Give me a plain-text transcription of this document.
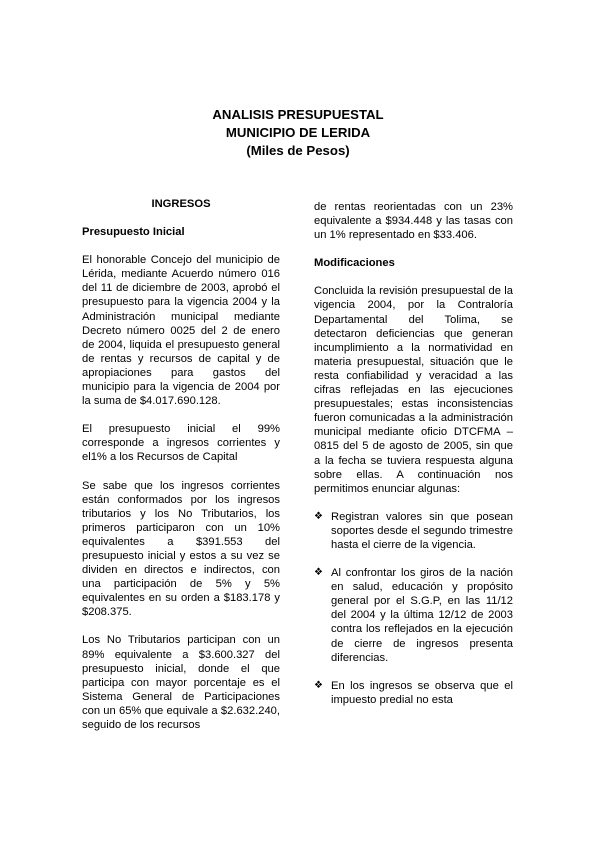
ANALISIS PRESUPUESTAL
MUNICIPIO DE LERIDA
(Miles de Pesos)

INGRESOS

Presupuesto Inicial

El honorable Concejo del municipio de Lérida, mediante Acuerdo número 016 del 11 de diciembre de 2003, aprobó el presupuesto para la vigencia 2004 y la Administración municipal mediante Decreto número 0025 del 2 de enero de 2004, liquida el presupuesto general de rentas y recursos de capital y de apropiaciones para gastos del municipio para la vigencia de 2004 por la suma de $4.017.690.128.

El presupuesto inicial el 99% corresponde a ingresos corrientes y el1% a los Recursos de Capital

Se sabe que los ingresos corrientes están conformados por los ingresos tributarios y los No Tributarios, los primeros participaron con un 10% equivalentes a $391.553 del presupuesto inicial y estos a su vez se dividen en directos e indirectos, con una participación de 5% y 5% equivalentes en su orden a $183.178 y $208.375.

Los No Tributarios participan con un 89% equivalente a $3.600.327 del presupuesto inicial, donde el que participa con mayor porcentaje es el Sistema General de Participaciones con un 65% que equivale a $2.632.240, seguido de los recursos

de rentas reorientadas con un 23% equivalente a $934.448 y las tasas con un 1% representado en $33.406.

Modificaciones

Concluida la revisión presupuestal de la vigencia 2004, por la Contraloría Departamental del Tolima, se detectaron deficiencias que generan incumplimiento a la normatividad en materia presupuestal, situación que le resta confiabilidad y veracidad a las cifras reflejadas en las ejecuciones presupuestales; estas inconsistencias fueron comunicadas a la administración municipal mediante oficio DTCFMA –0815 del 5 de agosto de 2005, sin que a la fecha se tuviera respuesta alguna sobre ellas. A continuación nos permitimos enunciar algunas:

❖ Registran valores sin que posean soportes desde el segundo trimestre hasta el cierre de la vigencia.
❖ Al confrontar los giros de la nación en salud, educación y propósito general por el S.G.P, en las 11/12 del 2004 y la última 12/12 de 2003 contra los reflejados en la ejecución de cierre de ingresos presenta diferencias.
❖ En los ingresos se observa que el impuesto predial no esta
